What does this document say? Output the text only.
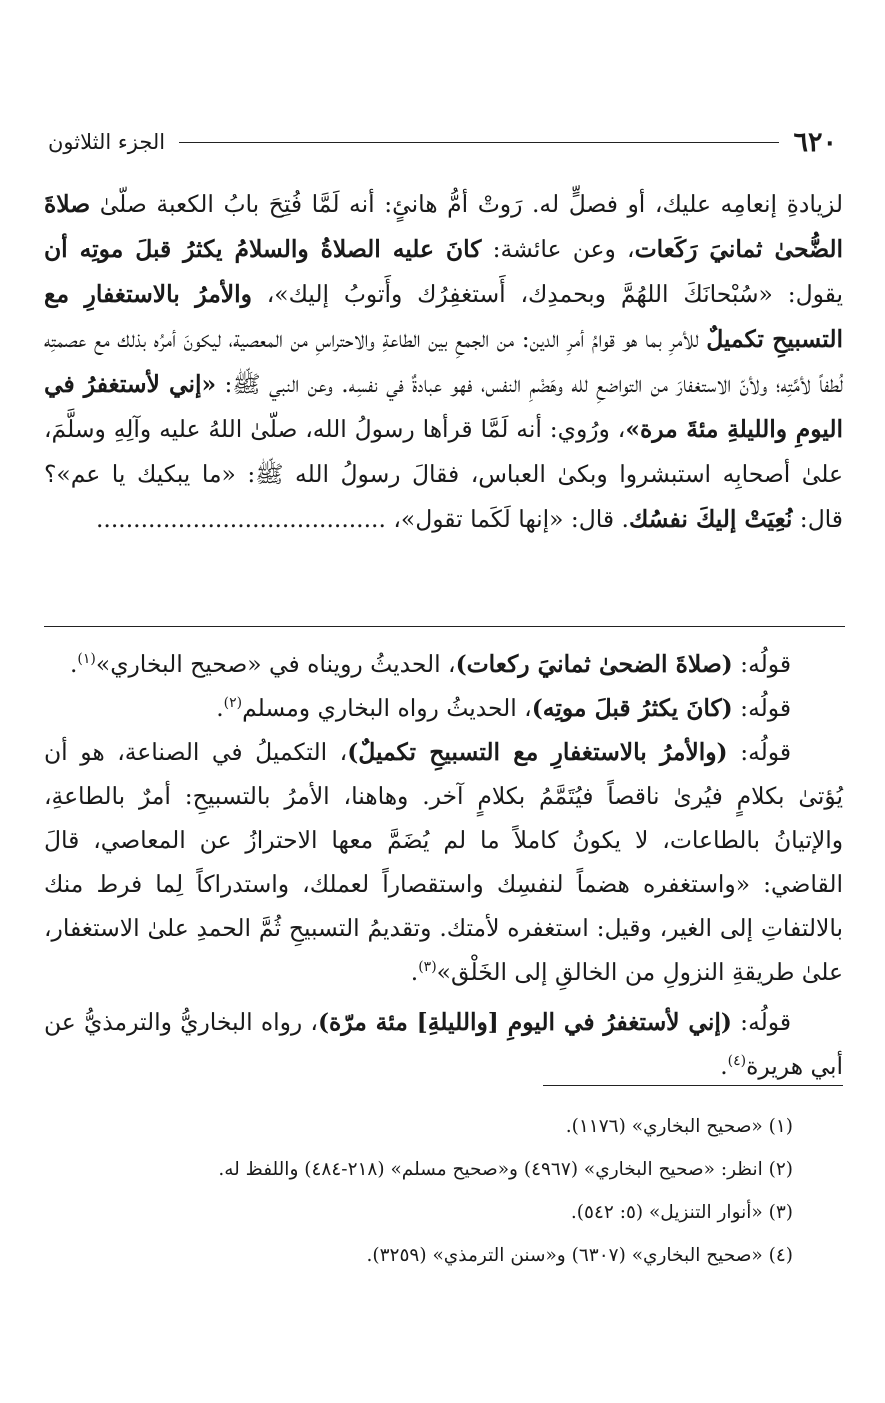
٦٢٠
الجزء الثلاثون

لزيادةِ إنعامِه عليك، أو فصلٍّ له. رَوتْ أمُّ هانئٍ: أنه لَمَّا فُتِحَ بابُ الكعبة صلّىٰ صلاةَ الضُّحىٰ ثمانيَ رَكَعات، وعن عائشة: كانَ عليه الصلاةُ والسلامُ يكثرُ قبلَ موتِه أن يقول: «سُبْحانَكَ اللهُمَّ وبحمدِك، أَستغفِرُك وأَتوبُ إليك»، والأمرُ بالاستغفارِ مع التسبيحِ تكميلٌ للأمرِ بما هو قوامُ أمرِ الدين: من الجمعِ بين الطاعةِ والاحتراسِ من المعصية، ليكونَ أمرُه بذلك مع عصمتِه لُطفاً لأمَّتِه؛ ولأنّ الاستغفارَ من التواضعِ لله وهَضْمِ النفس، فهو عبادةٌ في نفسِه. وعن النبي ﷺ: «إني لأستغفرُ في اليومِ والليلةِ مئةَ مرة»، ورُوي: أنه لَمَّا قرأها رسولُ الله، صلّىٰ اللهُ عليه وآلِهِ وسلَّمَ، علىٰ أصحابِه استبشروا وبكىٰ العباس، فقالَ رسولُ الله ﷺ: «ما يبكيك يا عم»؟ قال: نُعِيَتْ إليكَ نفسُك. قال: «إنها لَكَما تقول»، .......................................

قولُه: (صلاةَ الضحىٰ ثمانيَ ركعات)، الحديثُ رويناه في «صحيح البخاري»$^{(١)}$.

قولُه: (كانَ يكثرُ قبلَ موتِه)، الحديثُ رواه البخاري ومسلم$^{(٢)}$.

قولُه: (والأمرُ بالاستغفارِ مع التسبيحِ تكميلٌ)، التكميلُ في الصناعة، هو أن يُؤتىٰ بكلامٍ فيُرىٰ ناقصاً فيُتَمَّمُ بكلامٍ آخر. وهاهنا، الأمرُ بالتسبيحِ: أمرٌ بالطاعةِ، والإتيانُ بالطاعات، لا يكونُ كاملاً ما لم يُضَمَّ معها الاحترازُ عن المعاصي، قالَ القاضي: «واستغفره هضماً لنفسِك واستقصاراً لعملك، واستدراكاً لِما فرط منك بالالتفاتِ إلى الغير، وقيل: استغفره لأمتك. وتقديمُ التسبيحِ ثُمَّ الحمدِ علىٰ الاستغفار، علىٰ طريقةِ النزولِ من الخالقِ إلى الخَلْق»$^{(٣)}$.

قولُه: (إني لأستغفرُ في اليومِ [والليلةِ] مئة مرّة)، رواه البخاريُّ والترمذيُّ عن أبي هريرة$^{(٤)}$.

(١) «صحيح البخاري» (١١٧٦).

(٢) انظر: «صحيح البخاري» (٤٩٦٧) و«صحيح مسلم» (٢١٨-٤٨٤) واللفظ له.

(٣) «أنوار التنزيل» (٥: ٥٤٢).

(٤) «صحيح البخاري» (٦٣٠٧) و«سنن الترمذي» (٣٢٥٩).
